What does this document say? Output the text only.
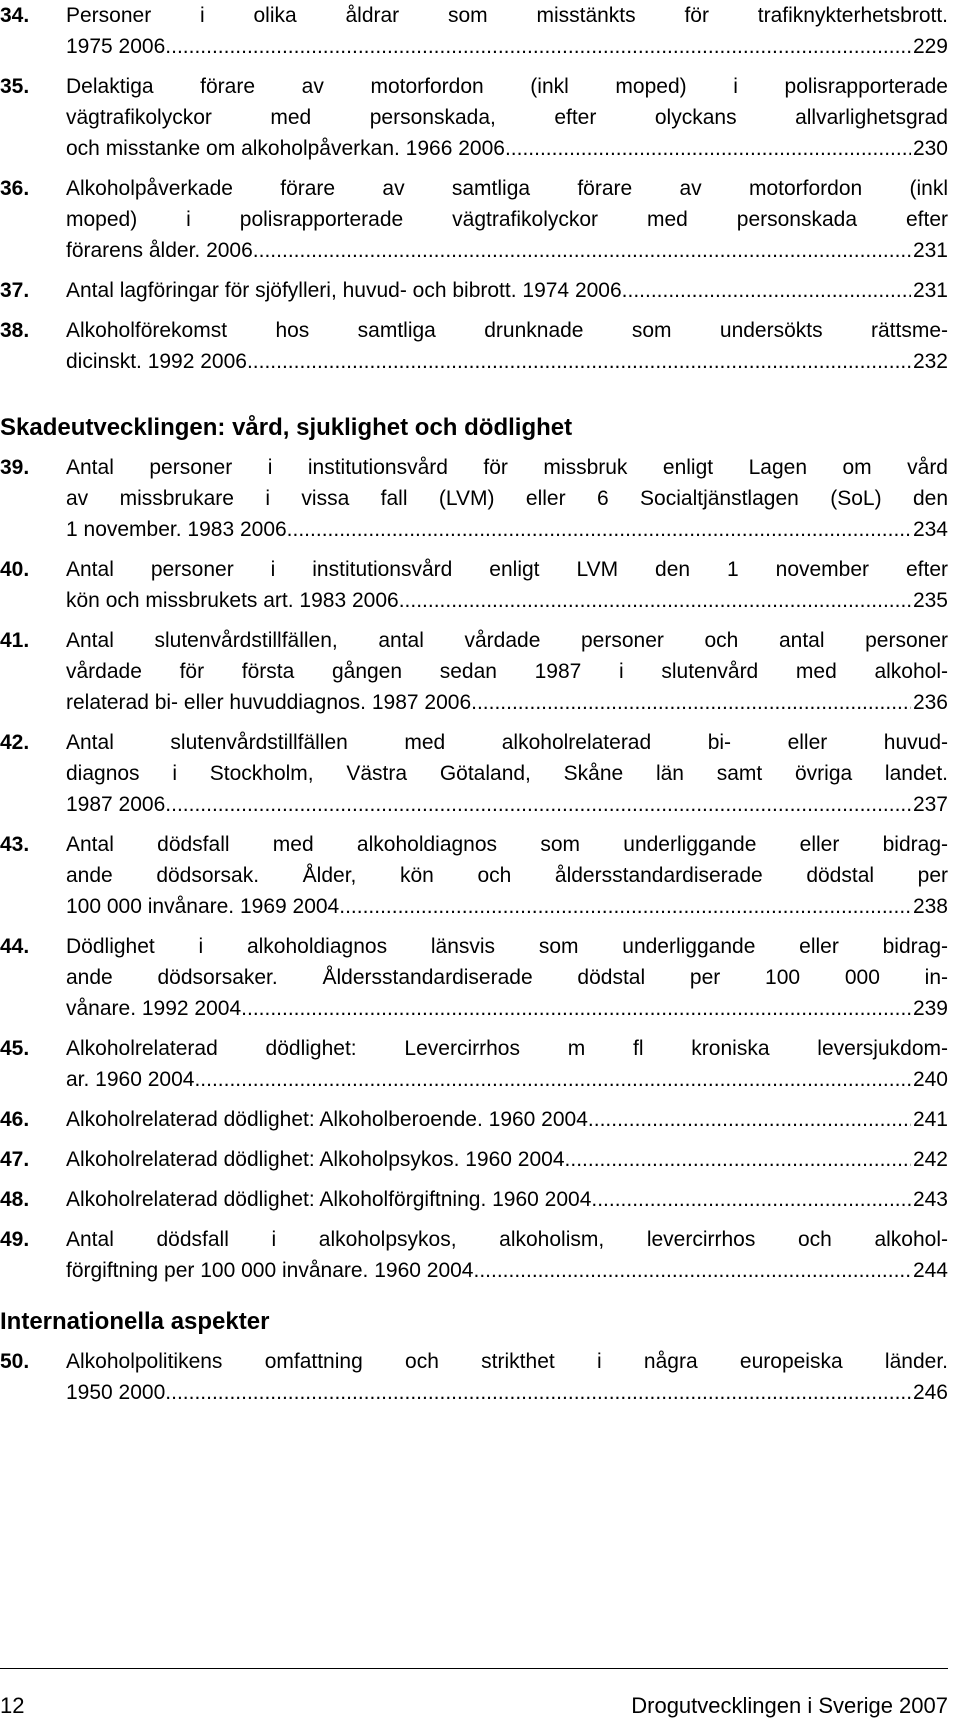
34. Personer i olika åldrar som misstänkts för trafiknykterhetsbrott.
1975 2006. .....	229
35. Delaktiga förare av motorfordon (inkl moped) i polisrapporterade
vägtrafikolyckor med personskada, efter olyckans allvarlighetsgrad
och misstanke om alkoholpåverkan. 1966 2006. .....	230
36. Alkoholpåverkade förare av samtliga förare av motorfordon (inkl
moped) i polisrapporterade vägtrafikolyckor med personskada efter
förarens ålder. 2006. .....	231
37. Antal lagföringar för sjöfylleri, huvud- och bibrott. 1974 2006. .....	231
38. Alkoholförekomst hos samtliga drunknade som undersökts rättsme-
dicinskt. 1992 2006 .....	232
Skadeutvecklingen: vård, sjuklighet och dödlighet
39. Antal personer i institutionsvård för missbruk enligt Lagen om vård
av missbrukare i vissa fall (LVM) eller 6 Socialtjänstlagen (SoL) den
1 november. 1983 2006. .....	234
40. Antal personer i institutionsvård enligt LVM den 1 november efter
kön och missbrukets art. 1983 2006. .....	235
41. Antal slutenvårdstillfällen, antal vårdade personer och antal personer
vårdade för första gången sedan 1987 i slutenvård med alkohol-
relaterad bi- eller huvuddiagnos. 1987 2006. .....	236
42. Antal slutenvårdstillfällen med alkoholrelaterad bi- eller huvud-
diagnos i Stockholm, Västra Götaland, Skåne län samt övriga landet.
1987 2006. .....	237
43. Antal dödsfall med alkoholdiagnos som underliggande eller bidrag-
ande dödsorsak. Ålder, kön och åldersstandardiserade dödstal per
100 000 invånare. 1969 2004. .....	238
44. Dödlighet i alkoholdiagnos länsvis som underliggande eller bidrag-
ande dödsorsaker. Åldersstandardiserade dödstal per 100 000 in-
vånare. 1992 2004. .....	239
45. Alkoholrelaterad dödlighet: Levercirrhos m fl kroniska leversjukdom-
ar. 1960 2004. .....	240
46. Alkoholrelaterad dödlighet: Alkoholberoende. 1960 2004. .....	241
47. Alkoholrelaterad dödlighet: Alkoholpsykos. 1960 2004. .....	242
48. Alkoholrelaterad dödlighet: Alkoholförgiftning. 1960 2004. .....	243
49. Antal dödsfall i alkoholpsykos, alkoholism, levercirrhos och alkohol-
förgiftning per 100 000 invånare. 1960 2004. .....	244
Internationella aspekter
50. Alkoholpolitikens omfattning och strikthet i några europeiska länder.
1950 2000. .....	246
12	Drogutvecklingen i Sverige 2007
